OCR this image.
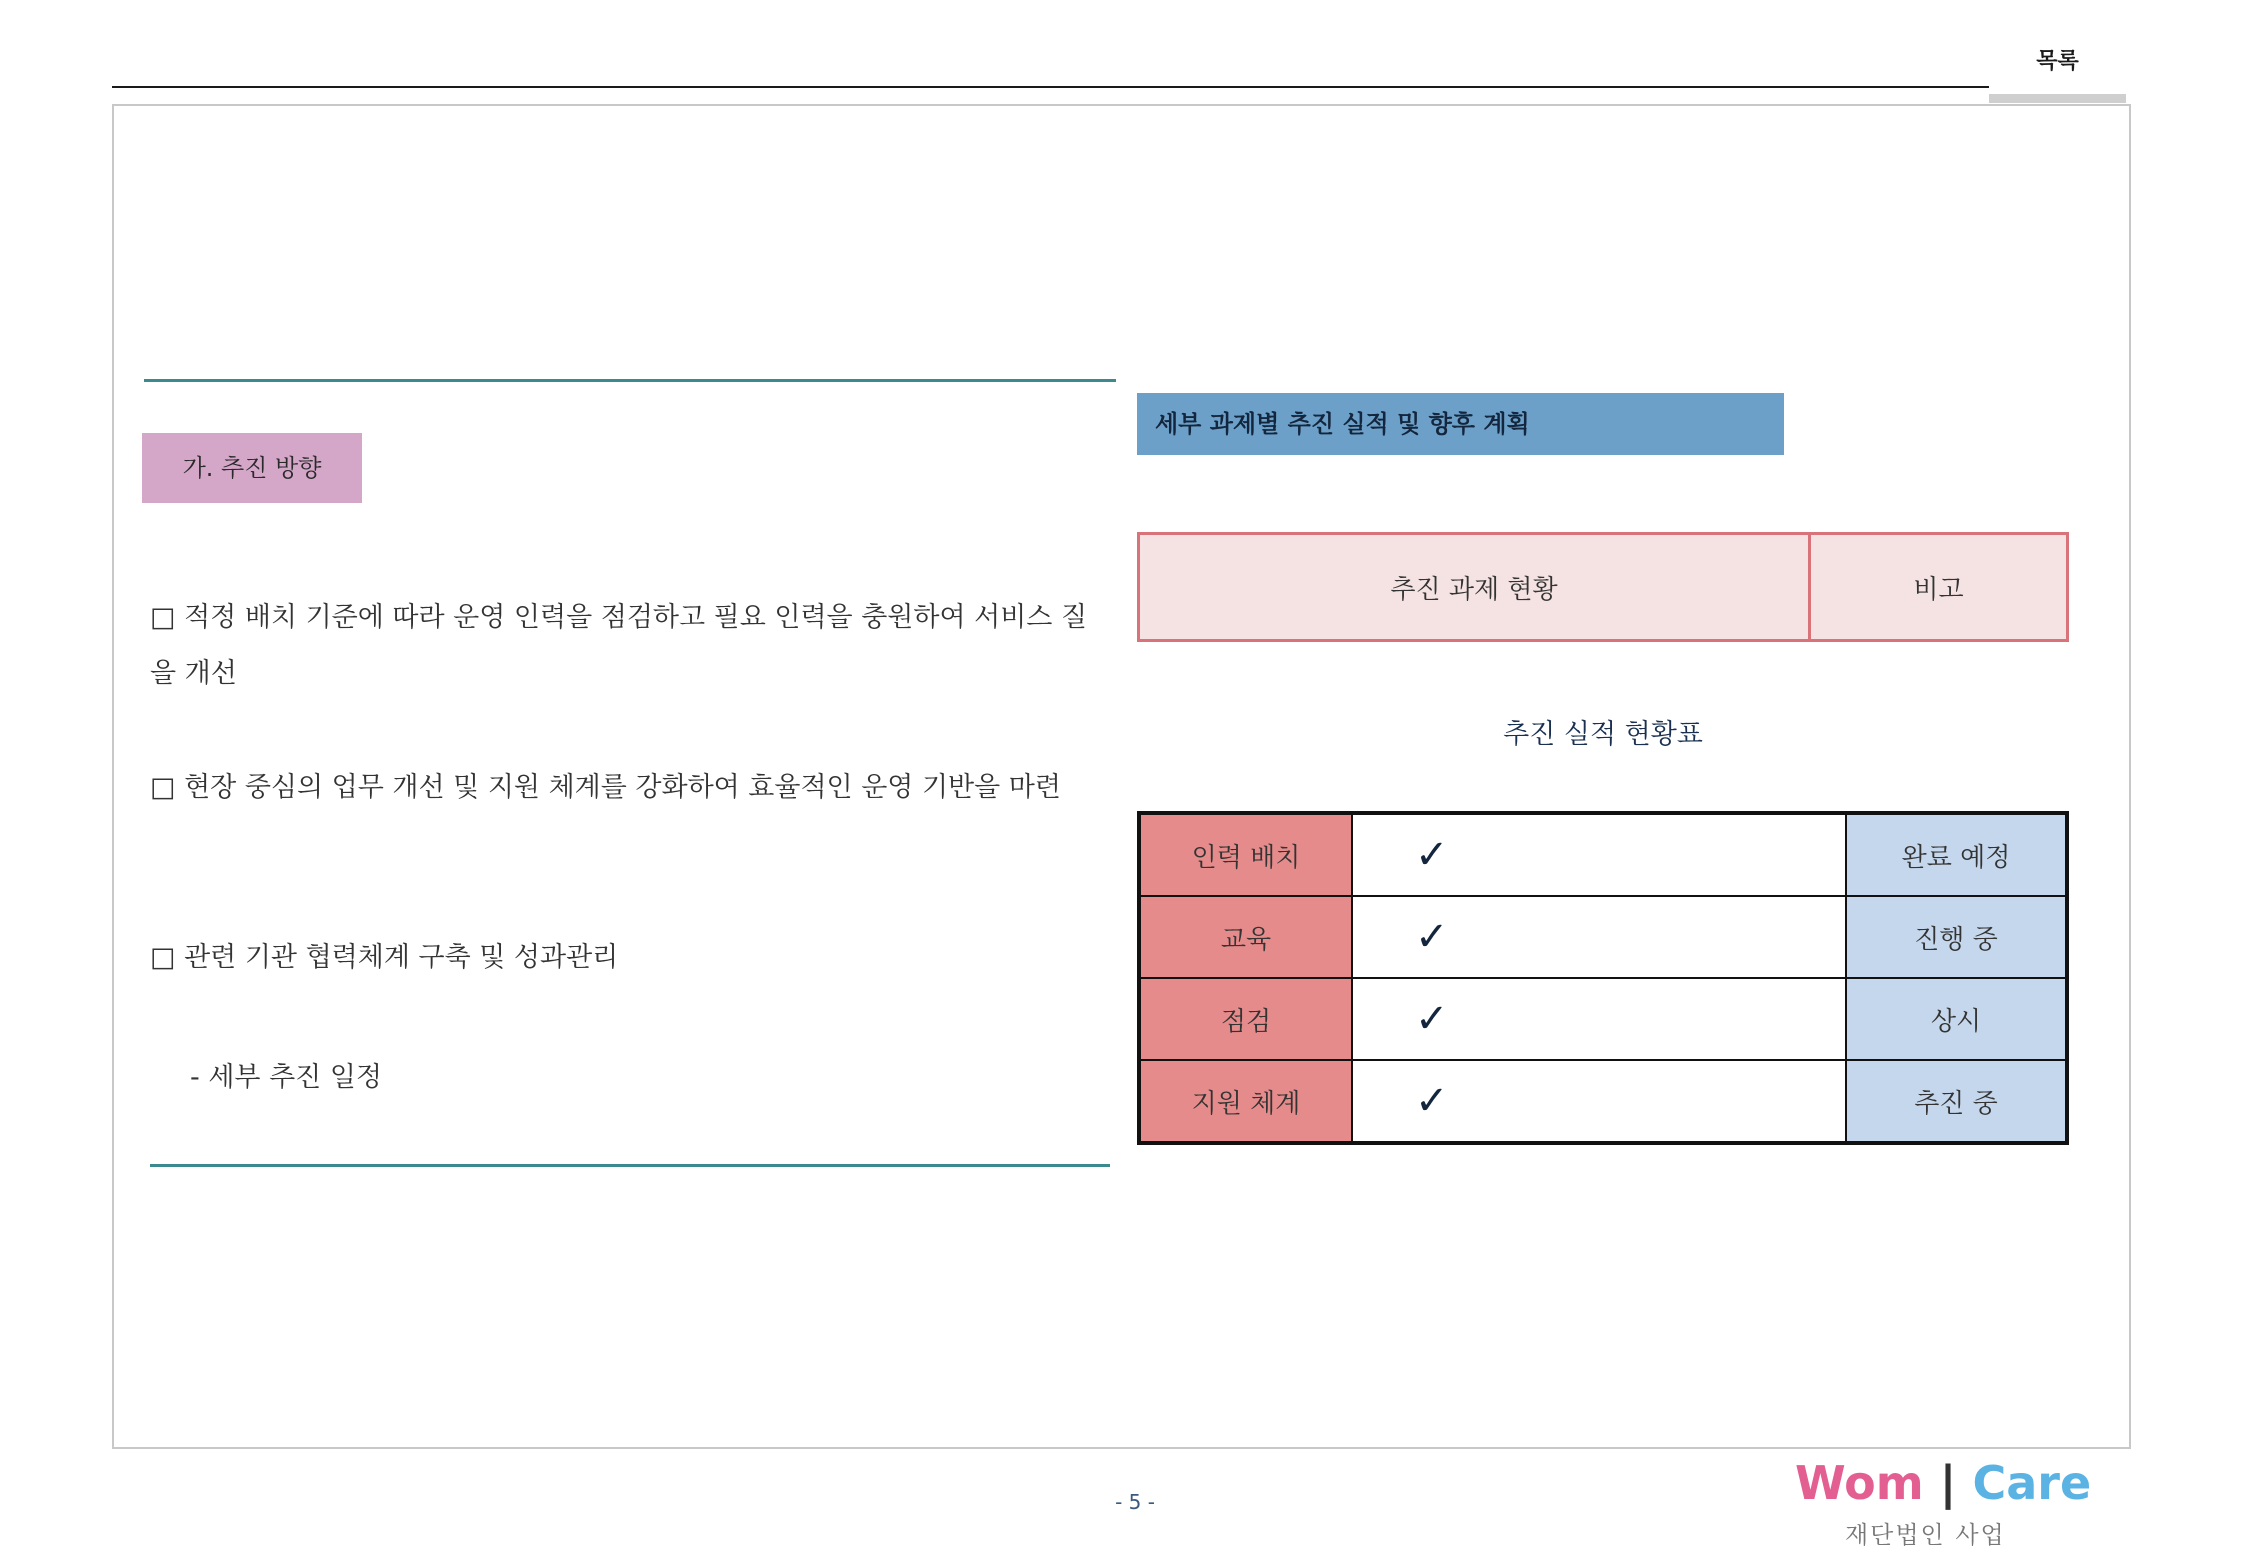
목록
가. 추진 방향
□ 적정 배치 기준에 따라 운영 인력을 점검하고 필요 인력을 충원하여 서비스 질을 개선
□ 현장 중심의 업무 개선 및 지원 체계를 강화하여 효율적인 운영 기반을 마련
□ 관련 기관 협력체계 구축 및 성과관리
- 세부 추진 일정
세부 과제별 추진 실적 및 향후 계획
추진 과제 현황	비고
추진 실적 현황표
인력 배치	✓	완료 예정
교육	✓	진행 중
점검	✓	상시
지원 체계	✓	추진 중
- 5 -	Wom | Care
재단법인 사업
